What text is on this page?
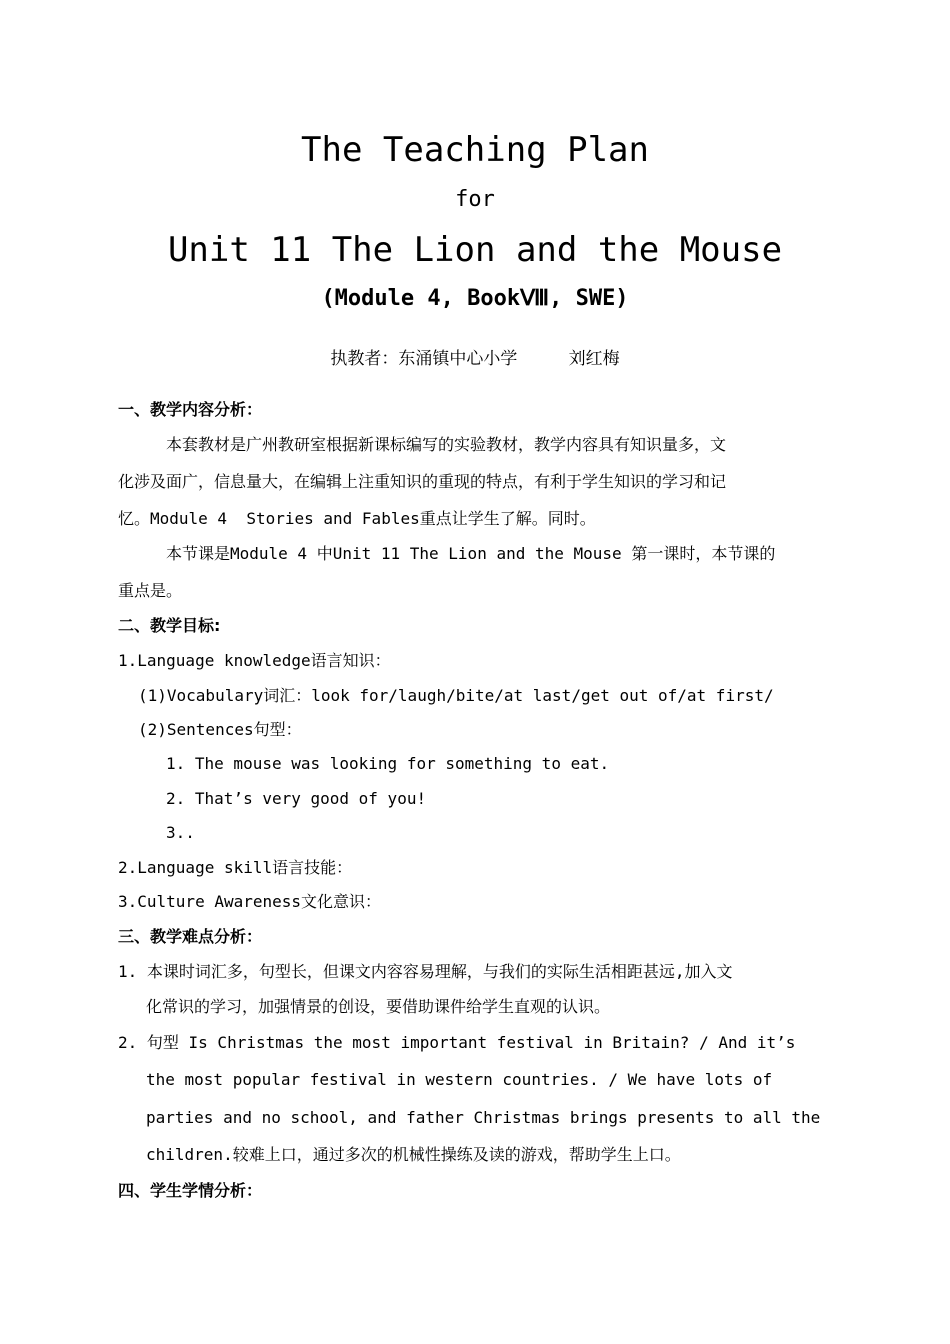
The Teaching Plan
for
Unit 11 The Lion and the Mouse
(Module 4, BookⅧ, SWE)
执教者：东涌镇中心小学     刘红梅
一、教学内容分析：
本套教材是广州教研室根据新课标编写的实验教材，教学内容具有知识量多，文
化涉及面广，信息量大，在编辑上注重知识的重现的特点，有利于学生知识的学习和记
忆。Module 4  Stories and Fables重点让学生了解。同时。
本节课是Module 4 中Unit 11 The Lion and the Mouse 第一课时，本节课的
重点是。
二、教学目标:
1.Language knowledge语言知识：
(1)Vocabulary词汇：look for/laugh/bite/at last/get out of/at first/
(2)Sentences句型：
1. The mouse was looking for something to eat.
2. That’s very good of you!
3..
2.Language skill语言技能：
3.Culture Awareness文化意识：
三、教学难点分析：
1. 本课时词汇多，句型长，但课文内容容易理解，与我们的实际生活相距甚远,加入文
化常识的学习，加强情景的创设，要借助课件给学生直观的认识。
2. 句型 Is Christmas the most important festival in Britain? / And it’s
the most popular festival in western countries. / We have lots of
parties and no school, and father Christmas brings presents to all the
children.较难上口，通过多次的机械性操练及读的游戏，帮助学生上口。
四、学生学情分析：
